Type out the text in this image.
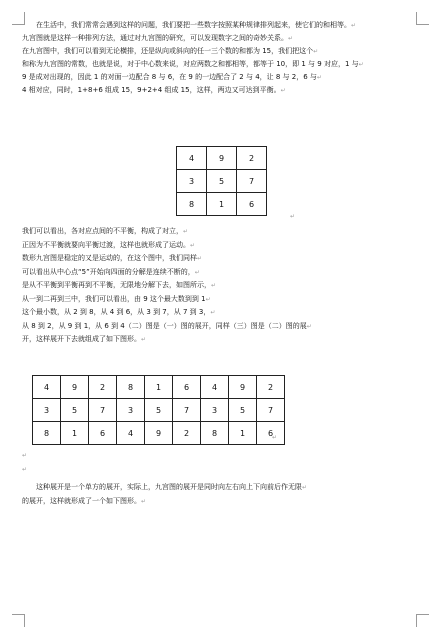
在生活中，我们常常会遇到这样的问题，我们要把一些数字按照某种规律排列起来，使它们的和相等。↵
九宫图就是这样一种排列方法，通过对九宫图的研究，可以发现数字之间的奇妙关系。↵
在九宫图中，我们可以看到无论横排，还是纵向或斜向的任一三个数的和都为 15，我们把这个↵
和称为九宫图的常数，也就是说，对于中心数来说，对应两数之和都相等，都等于 10，即 1 与 9 对应，1 与↵
9 是成对出现的，因此 1 的对面一边配合 8 与 6，在 9 的一边配合了 2 与 4，让 8 与 2，6 与↵
4 相对应，同时，1+8+6 组成 15，9+2+4 组成 15，这样，两边又可达到平衡。↵
4	9	2
3	5	7
8	1	6
↵
我们可以看出，各对应点间的不平衡，构成了对立，↵
正因为不平衡就要向平衡过渡，这样也就形成了运动。↵
数形九宫图是稳定的又是运动的，在这个图中，我们同样↵
可以看出从中心点“5”开始向四面的分解是连续不断的，↵
是从不平衡到平衡再到不平衡，无限地分解下去，如图所示，↵
从一到二再到三中，我们可以看出，由 9 这个最大数到到 1↵
这个最小数，从 2 到 8，从 4 到 6，从 3 到 7，从 7 到 3，↵
从 8 到 2，从 9 到 1，从 6 到 4（二）图是（一）图的展开，同样（三）图是（二）图的展↵
开，这样展开下去就组成了如下图形。↵
4	9	2	8	1	6	4	9	2
3	5	7	3	5	7	3	5	7
8	1	6	4	9	2	8	1	6
↵
↵
↵
这种展开是一个单方的展开，实际上，九宫图的展开是同时向左右向上下向前后作无限↵
的展开，这样就形成了一个如下图形。↵
